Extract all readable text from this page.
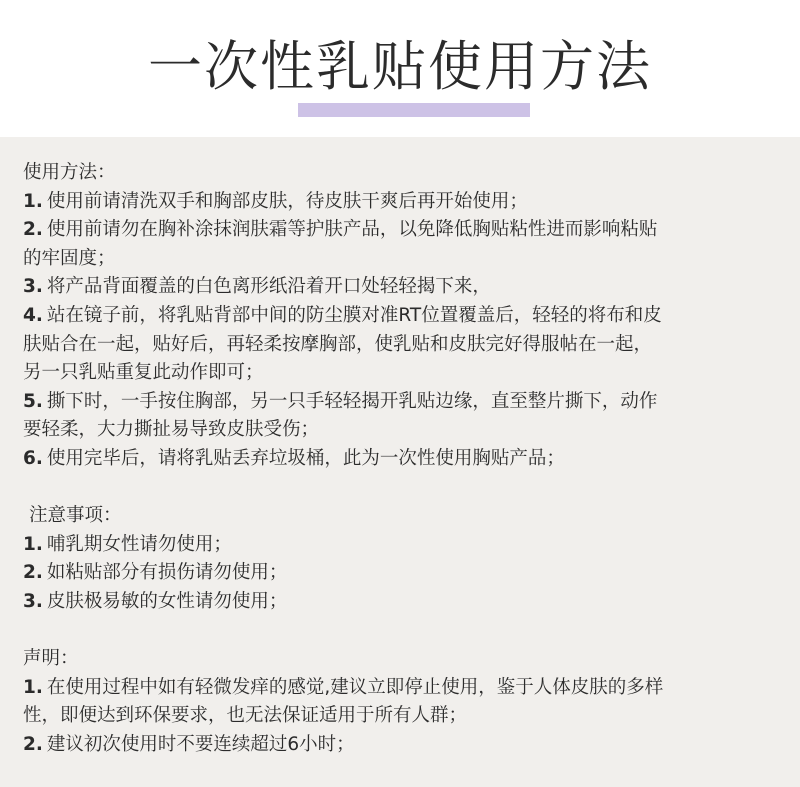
一次性乳贴使用方法
使用方法：
1. 使用前请清洗双手和胸部皮肤，待皮肤干爽后再开始使用；
2. 使用前请勿在胸补涂抹润肤霜等护肤产品，以免降低胸贴粘性进而影响粘贴
的牢固度；
3. 将产品背面覆盖的白色离形纸沿着开口处轻轻揭下来，
4. 站在镜子前，将乳贴背部中间的防尘膜对准RT位置覆盖后，轻轻的将布和皮
肤贴合在一起，贴好后，再轻柔按摩胸部，使乳贴和皮肤完好得服帖在一起，
另一只乳贴重复此动作即可；
5. 撕下时，一手按住胸部，另一只手轻轻揭开乳贴边缘，直至整片撕下，动作
要轻柔，大力撕扯易导致皮肤受伤；
6. 使用完毕后，请将乳贴丢弃垃圾桶，此为一次性使用胸贴产品；
注意事项：
1. 哺乳期女性请勿使用；
2. 如粘贴部分有损伤请勿使用；
3. 皮肤极易敏的女性请勿使用；
声明：
1. 在使用过程中如有轻微发痒的感觉,建议立即停止使用，鉴于人体皮肤的多样
性，即便达到环保要求，也无法保证适用于所有人群；
2. 建议初次使用时不要连续超过6小时；
